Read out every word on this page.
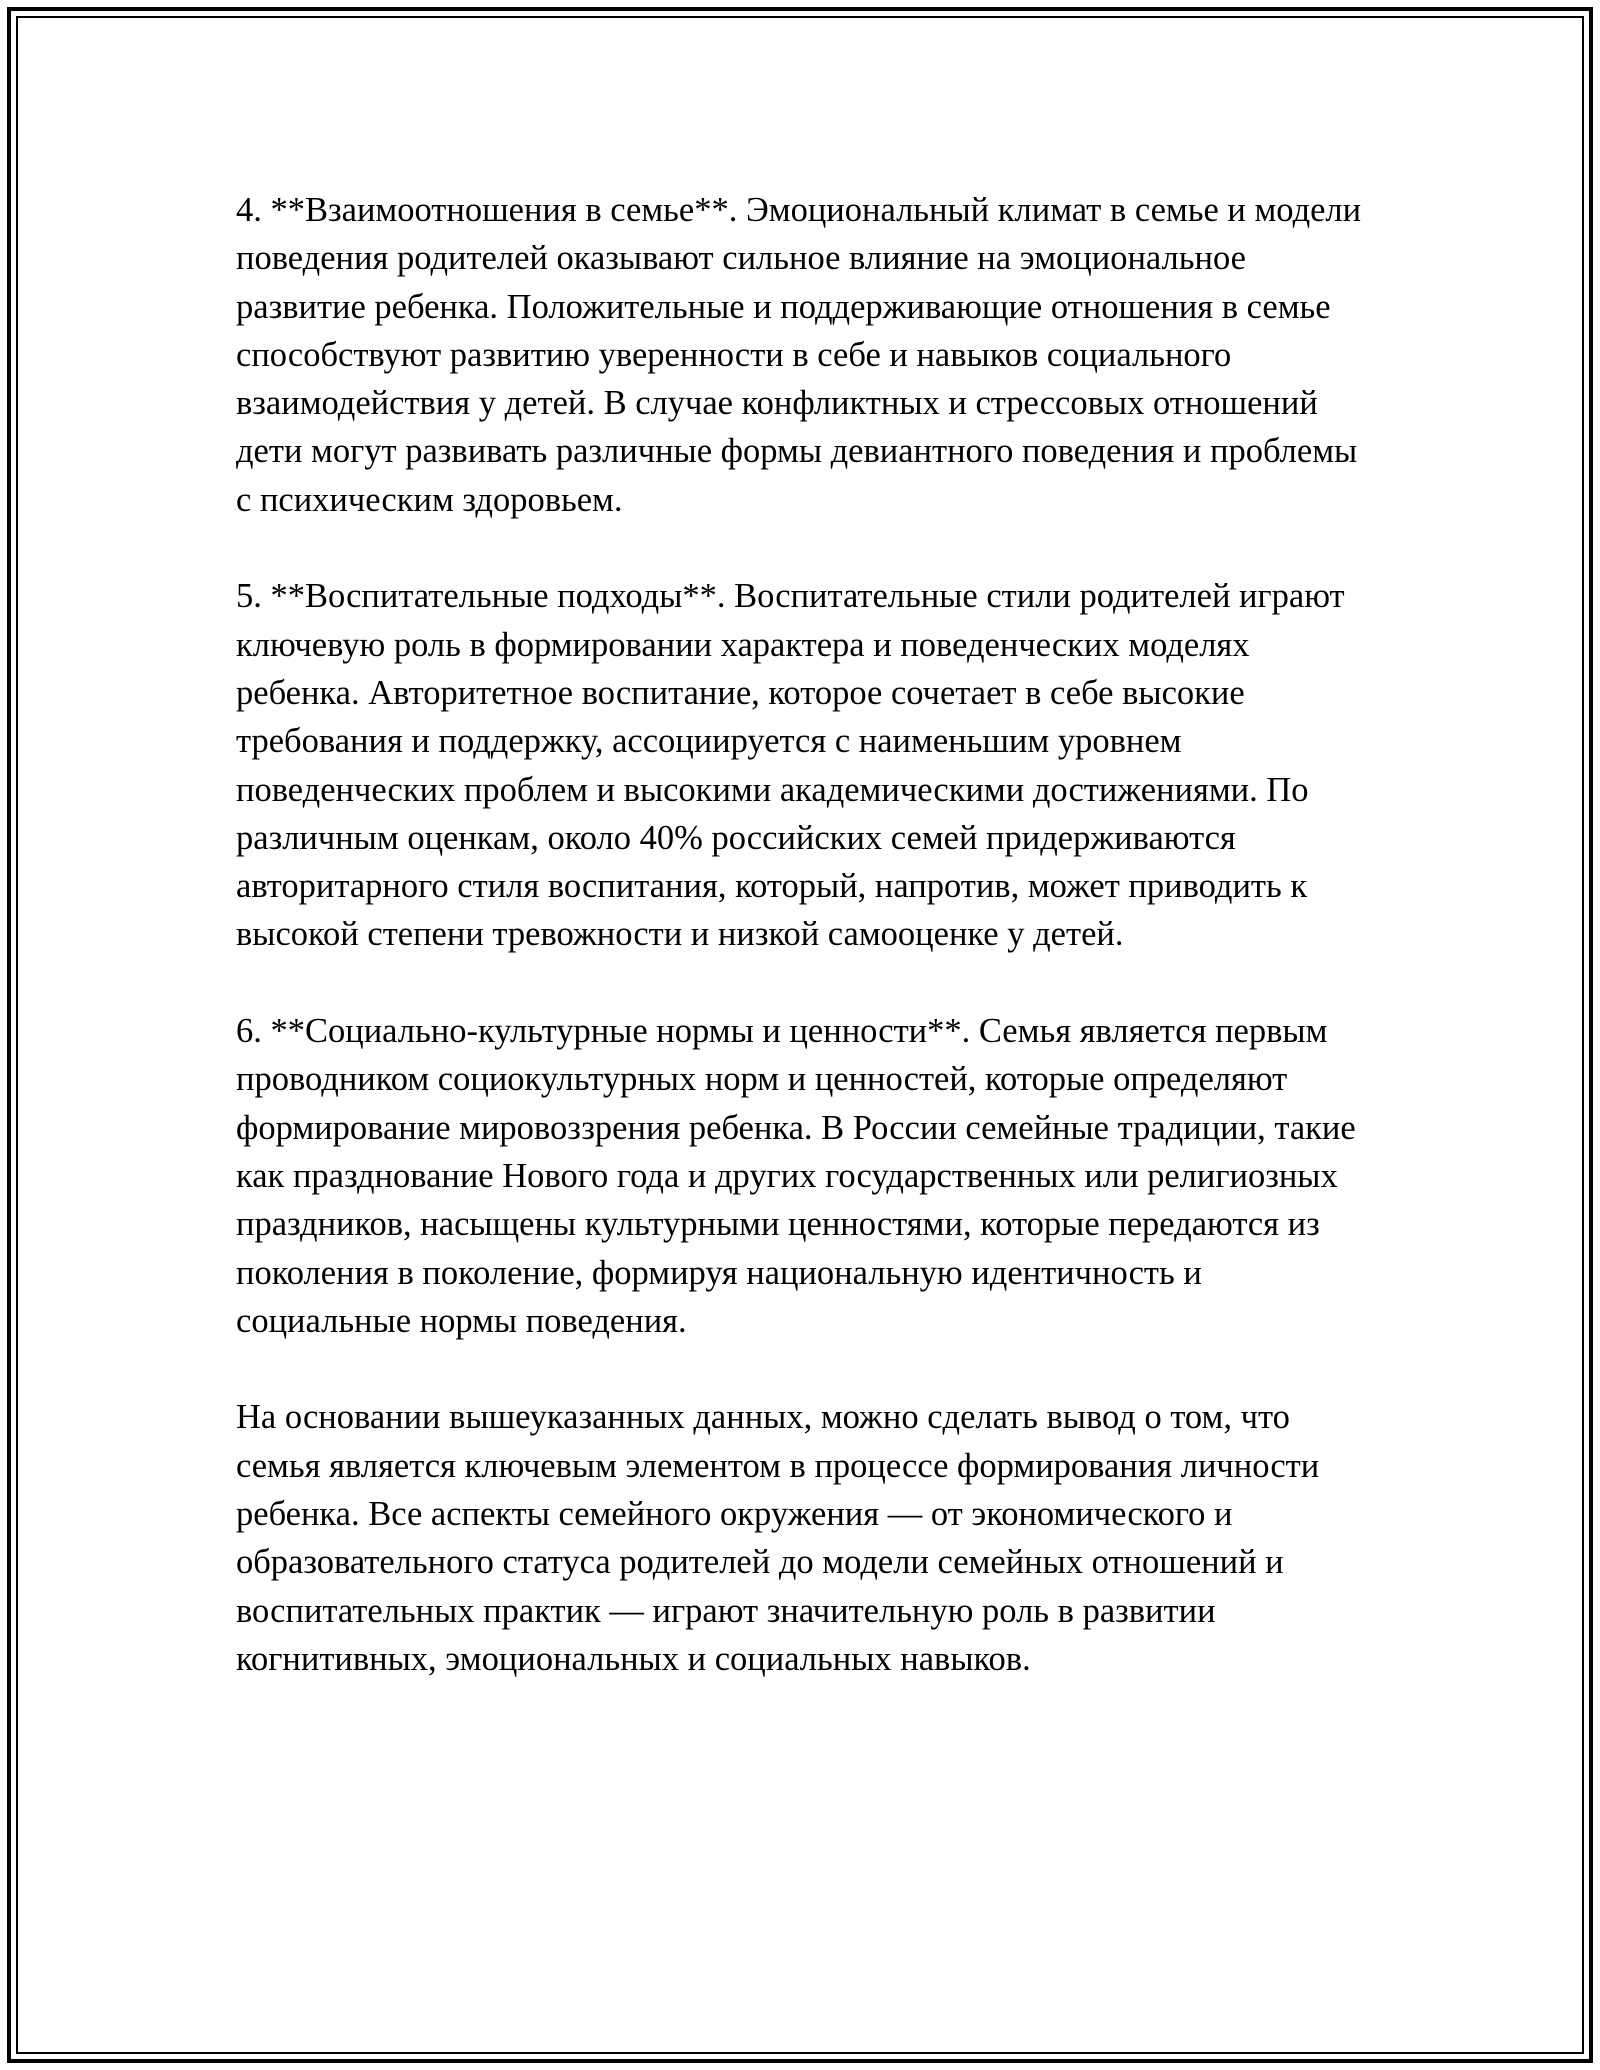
4. **Взаимоотношения в семье**. Эмоциональный климат в семье и модели поведения родителей оказывают сильное влияние на эмоциональное развитие ребенка. Положительные и поддерживающие отношения в семье способствуют развитию уверенности в себе и навыков социального взаимодействия у детей. В случае конфликтных и стрессовых отношений дети могут развивать различные формы девиантного поведения и проблемы с психическим здоровьем.

5. **Воспитательные подходы**. Воспитательные стили родителей играют ключевую роль в формировании характера и поведенческих моделях ребенка. Авторитетное воспитание, которое сочетает в себе высокие требования и поддержку, ассоциируется с наименьшим уровнем поведенческих проблем и высокими академическими достижениями. По различным оценкам, около 40% российских семей придерживаются авторитарного стиля воспитания, который, напротив, может приводить к высокой степени тревожности и низкой самооценке у детей.

6. **Социально-культурные нормы и ценности**. Семья является первым проводником социокультурных норм и ценностей, которые определяют формирование мировоззрения ребенка. В России семейные традиции, такие как празднование Нового года и других государственных или религиозных праздников, насыщены культурными ценностями, которые передаются из поколения в поколение, формируя национальную идентичность и социальные нормы поведения.

На основании вышеуказанных данных, можно сделать вывод о том, что семья является ключевым элементом в процессе формирования личности ребенка. Все аспекты семейного окружения — от экономического и образовательного статуса родителей до модели семейных отношений и воспитательных практик — играют значительную роль в развитии когнитивных, эмоциональных и социальных навыков.
